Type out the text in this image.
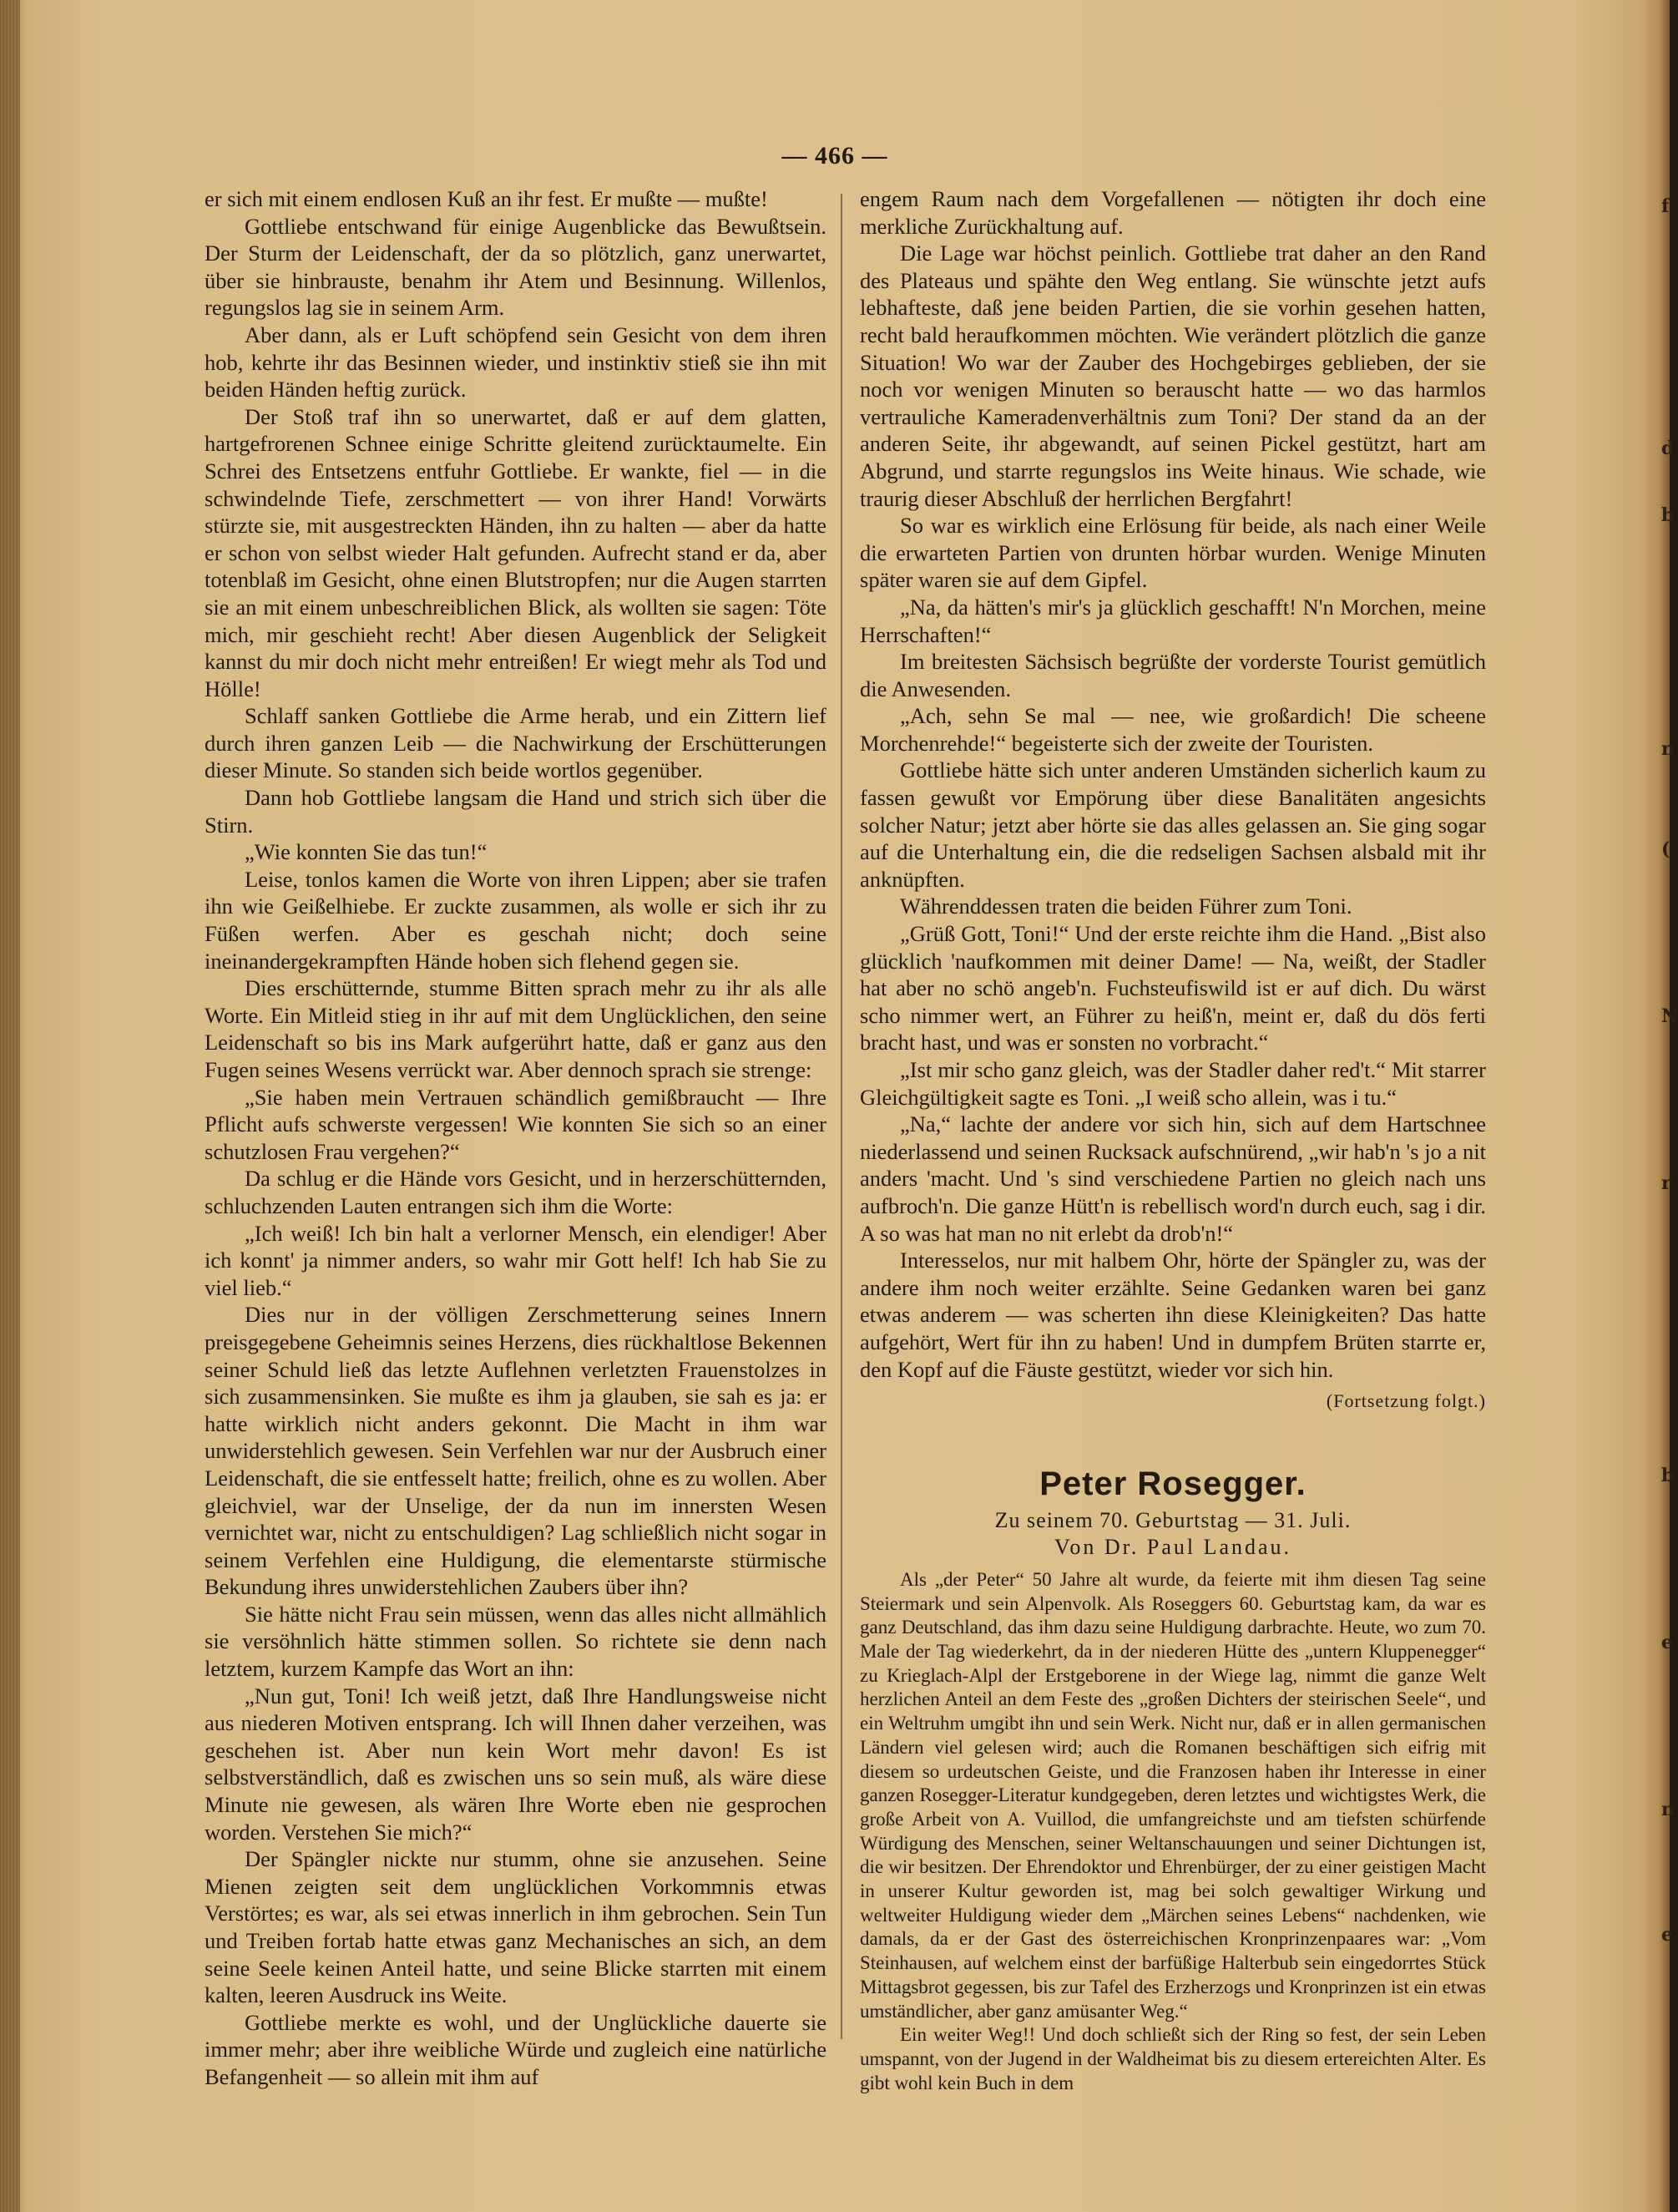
f
d
b
n
(
N
r
b
e
n
e
— 466 —

er sich mit einem endlosen Kuß an ihr fest. Er mußte — mußte!

Gottliebe entschwand für einige Augenblicke das Bewußtsein. Der Sturm der Leidenschaft, der da so plötzlich, ganz unerwartet, über sie hinbrauste, benahm ihr Atem und Besinnung. Willenlos, regungslos lag sie in seinem Arm.

Aber dann, als er Luft schöpfend sein Gesicht von dem ihren hob, kehrte ihr das Besinnen wieder, und instinktiv stieß sie ihn mit beiden Händen heftig zurück.

Der Stoß traf ihn so unerwartet, daß er auf dem glatten, hartgefrorenen Schnee einige Schritte gleitend zurücktaumelte. Ein Schrei des Entsetzens entfuhr Gottliebe. Er wankte, fiel — in die schwindelnde Tiefe, zerschmettert — von ihrer Hand! Vorwärts stürzte sie, mit ausgestreckten Händen, ihn zu halten — aber da hatte er schon von selbst wieder Halt gefunden. Aufrecht stand er da, aber totenblaß im Gesicht, ohne einen Blutstropfen; nur die Augen starrten sie an mit einem unbeschreiblichen Blick, als wollten sie sagen: Töte mich, mir geschieht recht! Aber diesen Augenblick der Seligkeit kannst du mir doch nicht mehr entreißen! Er wiegt mehr als Tod und Hölle!

Schlaff sanken Gottliebe die Arme herab, und ein Zittern lief durch ihren ganzen Leib — die Nachwirkung der Erschütterungen dieser Minute. So standen sich beide wortlos gegenüber.

Dann hob Gottliebe langsam die Hand und strich sich über die Stirn.

„Wie konnten Sie das tun!“

Leise, tonlos kamen die Worte von ihren Lippen; aber sie trafen ihn wie Geißelhiebe. Er zuckte zusammen, als wolle er sich ihr zu Füßen werfen. Aber es geschah nicht; doch seine ineinandergekrampften Hände hoben sich flehend gegen sie.

Dies erschütternde, stumme Bitten sprach mehr zu ihr als alle Worte. Ein Mitleid stieg in ihr auf mit dem Unglücklichen, den seine Leidenschaft so bis ins Mark aufgerührt hatte, daß er ganz aus den Fugen seines Wesens verrückt war. Aber dennoch sprach sie strenge:

„Sie haben mein Vertrauen schändlich gemißbraucht — Ihre Pflicht aufs schwerste vergessen! Wie konnten Sie sich so an einer schutzlosen Frau vergehen?“

Da schlug er die Hände vors Gesicht, und in herzerschütternden, schluchzenden Lauten entrangen sich ihm die Worte:

„Ich weiß! Ich bin halt a verlorner Mensch, ein elendiger! Aber ich konnt' ja nimmer anders, so wahr mir Gott helf! Ich hab Sie zu viel lieb.“

Dies nur in der völligen Zerschmetterung seines Innern preisgegebene Geheimnis seines Herzens, dies rückhaltlose Bekennen seiner Schuld ließ das letzte Auflehnen verletzten Frauenstolzes in sich zusammensinken. Sie mußte es ihm ja glauben, sie sah es ja: er hatte wirklich nicht anders gekonnt. Die Macht in ihm war unwiderstehlich gewesen. Sein Verfehlen war nur der Ausbruch einer Leidenschaft, die sie entfesselt hatte; freilich, ohne es zu wollen. Aber gleichviel, war der Unselige, der da nun im innersten Wesen vernichtet war, nicht zu entschuldigen? Lag schließlich nicht sogar in seinem Verfehlen eine Huldigung, die elementarste stürmische Bekundung ihres unwiderstehlichen Zaubers über ihn?

Sie hätte nicht Frau sein müssen, wenn das alles nicht allmählich sie versöhnlich hätte stimmen sollen. So richtete sie denn nach letztem, kurzem Kampfe das Wort an ihn:

„Nun gut, Toni! Ich weiß jetzt, daß Ihre Handlungsweise nicht aus niederen Motiven entsprang. Ich will Ihnen daher verzeihen, was geschehen ist. Aber nun kein Wort mehr davon! Es ist selbstverständlich, daß es zwischen uns so sein muß, als wäre diese Minute nie gewesen, als wären Ihre Worte eben nie gesprochen worden. Verstehen Sie mich?“

Der Spängler nickte nur stumm, ohne sie anzusehen. Seine Mienen zeigten seit dem unglücklichen Vorkommnis etwas Verstörtes; es war, als sei etwas innerlich in ihm gebrochen. Sein Tun und Treiben fortab hatte etwas ganz Mechanisches an sich, an dem seine Seele keinen Anteil hatte, und seine Blicke starrten mit einem kalten, leeren Ausdruck ins Weite.

Gottliebe merkte es wohl, und der Unglückliche dauerte sie immer mehr; aber ihre weibliche Würde und zugleich eine natürliche Befangenheit — so allein mit ihm auf

engem Raum nach dem Vorgefallenen — nötigten ihr doch eine merkliche Zurückhaltung auf.

Die Lage war höchst peinlich. Gottliebe trat daher an den Rand des Plateaus und spähte den Weg entlang. Sie wünschte jetzt aufs lebhafteste, daß jene beiden Partien, die sie vorhin gesehen hatten, recht bald heraufkommen möchten. Wie verändert plötzlich die ganze Situation! Wo war der Zauber des Hochgebirges geblieben, der sie noch vor wenigen Minuten so berauscht hatte — wo das harmlos vertrauliche Kameradenverhältnis zum Toni? Der stand da an der anderen Seite, ihr abgewandt, auf seinen Pickel gestützt, hart am Abgrund, und starrte regungslos ins Weite hinaus. Wie schade, wie traurig dieser Abschluß der herrlichen Bergfahrt!

So war es wirklich eine Erlösung für beide, als nach einer Weile die erwarteten Partien von drunten hörbar wurden. Wenige Minuten später waren sie auf dem Gipfel.

„Na, da hätten's mir's ja glücklich geschafft! N'n Morchen, meine Herrschaften!“

Im breitesten Sächsisch begrüßte der vorderste Tourist gemütlich die Anwesenden.

„Ach, sehn Se mal — nee, wie großardich! Die scheene Morchenrehde!“ begeisterte sich der zweite der Touristen.

Gottliebe hätte sich unter anderen Umständen sicherlich kaum zu fassen gewußt vor Empörung über diese Banalitäten angesichts solcher Natur; jetzt aber hörte sie das alles gelassen an. Sie ging sogar auf die Unterhaltung ein, die die redseligen Sachsen alsbald mit ihr anknüpften.

Währenddessen traten die beiden Führer zum Toni.

„Grüß Gott, Toni!“ Und der erste reichte ihm die Hand. „Bist also glücklich 'naufkommen mit deiner Dame! — Na, weißt, der Stadler hat aber no schö angeb'n. Fuchsteufiswild ist er auf dich. Du wärst scho nimmer wert, an Führer zu heiß'n, meint er, daß du dös ferti bracht hast, und was er sonsten no vorbracht.“

„Ist mir scho ganz gleich, was der Stadler daher red't.“ Mit starrer Gleichgültigkeit sagte es Toni. „I weiß scho allein, was i tu.“

„Na,“ lachte der andere vor sich hin, sich auf dem Hartschnee niederlassend und seinen Rucksack aufschnürend, „wir hab'n 's jo a nit anders 'macht. Und 's sind verschiedene Partien no gleich nach uns aufbroch'n. Die ganze Hütt'n is rebellisch word'n durch euch, sag i dir. A so was hat man no nit erlebt da drob'n!“

Interesselos, nur mit halbem Ohr, hörte der Spängler zu, was der andere ihm noch weiter erzählte. Seine Gedanken waren bei ganz etwas anderem — was scherten ihn diese Kleinigkeiten? Das hatte aufgehört, Wert für ihn zu haben! Und in dumpfem Brüten starrte er, den Kopf auf die Fäuste gestützt, wieder vor sich hin.

(Fortsetzung folgt.)

Peter Rosegger.

Zu seinem 70. Geburtstag — 31. Juli.

Von Dr. Paul Landau.

Als „der Peter“ 50 Jahre alt wurde, da feierte mit ihm diesen Tag seine Steiermark und sein Alpenvolk. Als Roseggers 60. Geburtstag kam, da war es ganz Deutschland, das ihm dazu seine Huldigung darbrachte. Heute, wo zum 70. Male der Tag wiederkehrt, da in der niederen Hütte des „untern Kluppenegger“ zu Krieglach-Alpl der Erstgeborene in der Wiege lag, nimmt die ganze Welt herzlichen Anteil an dem Feste des „großen Dichters der steirischen Seele“, und ein Weltruhm umgibt ihn und sein Werk. Nicht nur, daß er in allen germanischen Ländern viel gelesen wird; auch die Romanen beschäftigen sich eifrig mit diesem so urdeutschen Geiste, und die Franzosen haben ihr Interesse in einer ganzen Rosegger-Literatur kundgegeben, deren letztes und wichtigstes Werk, die große Arbeit von A. Vuillod, die umfangreichste und am tiefsten schürfende Würdigung des Menschen, seiner Weltanschauungen und seiner Dichtungen ist, die wir besitzen. Der Ehrendoktor und Ehrenbürger, der zu einer geistigen Macht in unserer Kultur geworden ist, mag bei solch gewaltiger Wirkung und weltweiter Huldigung wieder dem „Märchen seines Lebens“ nachdenken, wie damals, da er der Gast des österreichischen Kronprinzenpaares war: „Vom Steinhausen, auf welchem einst der barfüßige Halterbub sein eingedorrtes Stück Mittagsbrot gegessen, bis zur Tafel des Erzherzogs und Kronprinzen ist ein etwas umständlicher, aber ganz amüsanter Weg.“

Ein weiter Weg!! Und doch schließt sich der Ring so fest, der sein Leben umspannt, von der Jugend in der Waldheimat bis zu diesem ertereichten Alter. Es gibt wohl kein Buch in dem
